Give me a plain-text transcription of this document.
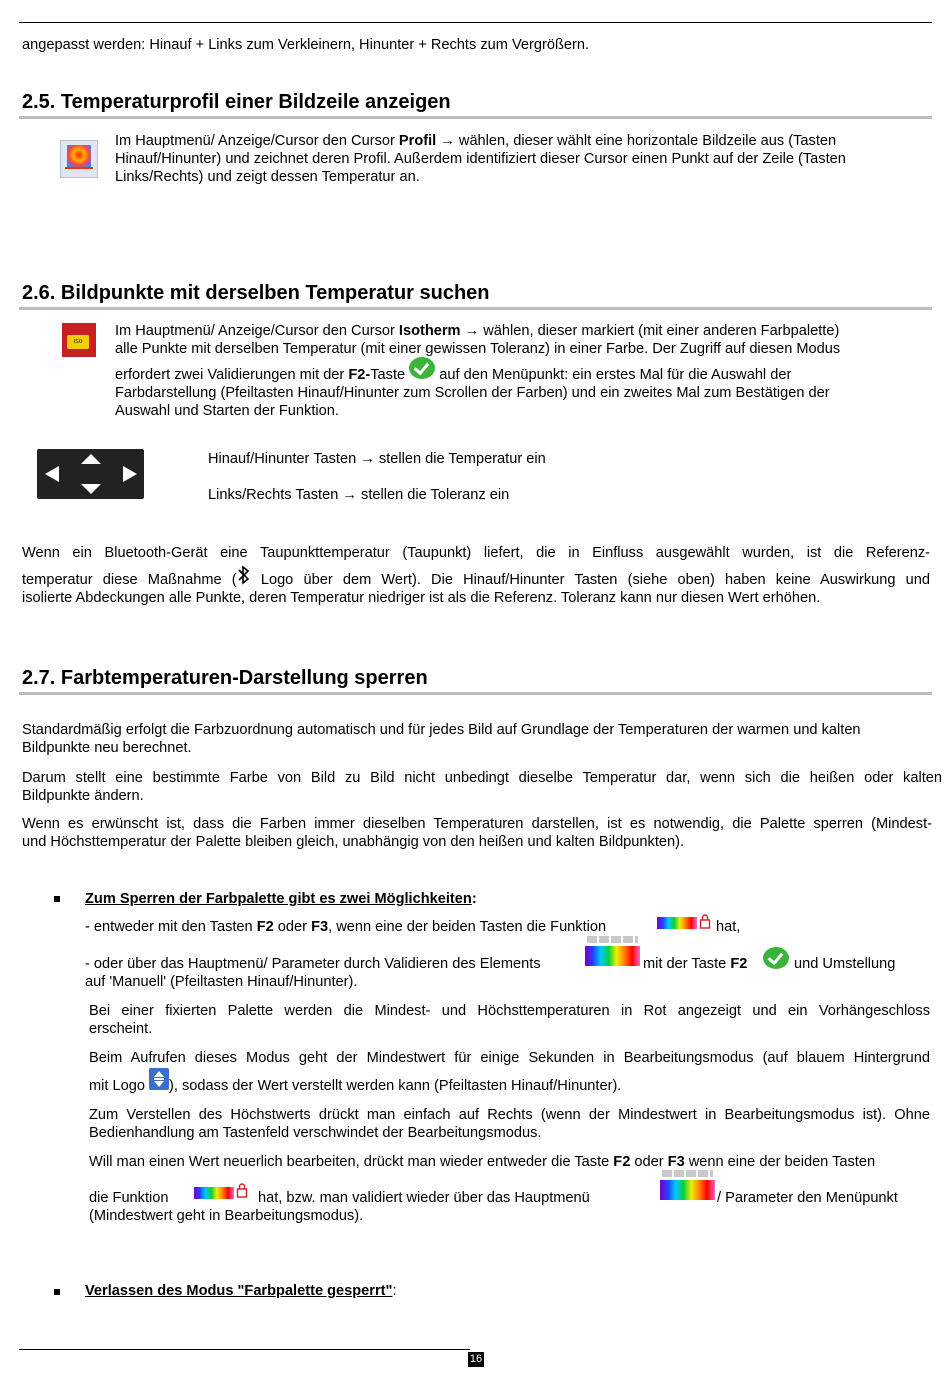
angepasst werden: Hinauf + Links zum Verkleinern, Hinunter + Rechts zum Vergrößern.
2.5. Temperaturprofil einer Bildzeile anzeigen
Im Hauptmenü/ Anzeige/Cursor den Cursor Profil → wählen, dieser wählt eine horizontale Bildzeile aus (Tasten
Hinauf/Hinunter) und zeichnet deren Profil. Außerdem identifiziert dieser Cursor einen Punkt auf der Zeile (Tasten
Links/Rechts) und zeigt dessen Temperatur an.
2.6. Bildpunkte mit derselben Temperatur suchen
iso
Im Hauptmenü/ Anzeige/Cursor den Cursor Isotherm → wählen, dieser markiert (mit einer anderen Farbpalette)
alle Punkte mit derselben Temperatur (mit einer gewissen Toleranz) in einer Farbe. Der Zugriff auf diesen Modus
erfordert zwei Validierungen mit der F2-Taste  auf den Menüpunkt: ein erstes Mal für die Auswahl der
Farbdarstellung (Pfeiltasten Hinauf/Hinunter zum Scrollen der Farben) und ein zweites Mal zum Bestätigen der
Auswahl und Starten der Funktion.
Hinauf/Hinunter Tasten → stellen die Temperatur ein
Links/Rechts Tasten → stellen die Toleranz ein
Wenn ein Bluetooth-Gerät eine Taupunkttemperatur (Taupunkt) liefert, die in Einfluss ausgewählt wurden, ist die Referenz-
temperatur diese Maßnahme ( Logo über dem Wert). Die Hinauf/Hinunter Tasten (siehe oben) haben keine Auswirkung und
isolierte Abdeckungen alle Punkte, deren Temperatur niedriger ist als die Referenz. Toleranz kann nur diesen Wert erhöhen.
2.7. Farbtemperaturen-Darstellung sperren
Standardmäßig erfolgt die Farbzuordnung automatisch und für jedes Bild auf Grundlage der Temperaturen der warmen und kalten
Bildpunkte neu berechnet.
Darum stellt eine bestimmte Farbe von Bild zu Bild nicht unbedingt dieselbe Temperatur dar, wenn sich die heißen oder kalten
Bildpunkte ändern.
Wenn es erwünscht ist, dass die Farben immer dieselben Temperaturen darstellen, ist es notwendig, die Palette sperren (Mindest-
und Höchsttemperatur der Palette bleiben gleich, unabhängig von den heißen und kalten Bildpunkten).
Zum Sperren der Farbpalette gibt es zwei Möglichkeiten:
- entweder mit den Tasten F2 oder F3, wenn eine der beiden Tasten die Funktion	hat,
- oder über das Hauptmenü/ Parameter durch Validieren des Elements	mit der Taste F2	und Umstellung
auf 'Manuell' (Pfeiltasten Hinauf/Hinunter).
Bei einer fixierten Palette werden die Mindest- und Höchsttemperaturen in Rot angezeigt und ein Vorhängeschloss
erscheint.
Beim Aufrufen dieses Modus geht der Mindestwert für einige Sekunden in Bearbeitungsmodus (auf blauem Hintergrund
mit Logo
), sodass der Wert verstellt werden kann (Pfeiltasten Hinauf/Hinunter).
Zum Verstellen des Höchstwerts drückt man einfach auf Rechts (wenn der Mindestwert in Bearbeitungsmodus ist). Ohne
Bedienhandlung am Tastenfeld verschwindet der Bearbeitungsmodus.
Will man einen Wert neuerlich bearbeiten, drückt man wieder entweder die Taste F2 oder F3 wenn eine der beiden Tasten
die Funktion	hat, bzw. man validiert wieder über das Hauptmenü	/ Parameter den Menüpunkt
(Mindestwert geht in Bearbeitungsmodus).
Verlassen des Modus "Farbpalette gesperrt":
16
